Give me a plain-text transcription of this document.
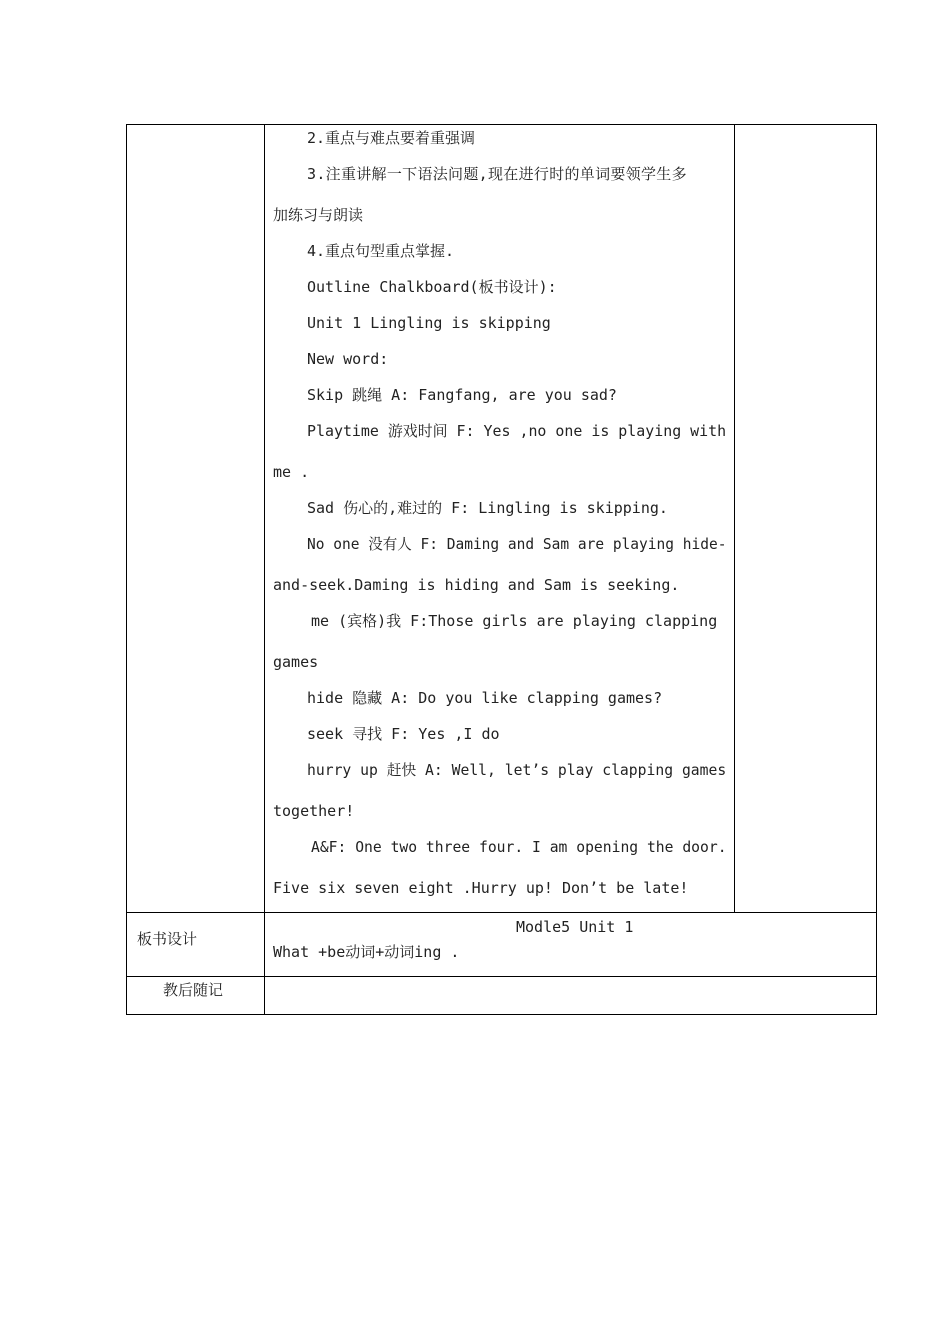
2.重点与难点要着重强调
3.注重讲解一下语法问题,现在进行时的单词要领学生多
加练习与朗读
4.重点句型重点掌握.
Outline Chalkboard(板书设计):
Unit 1 Lingling is skipping
New word:
Skip 跳绳 A: Fangfang, are you sad?
Playtime 游戏时间 F: Yes ,no one is playing with
me .
Sad 伤心的,难过的 F: Lingling is skipping.
No one 没有人 F: Daming and Sam are playing hide-
and-seek.Daming is hiding and Sam is seeking.
me (宾格)我 F:Those girls are playing clapping
games
hide 隐藏 A: Do you like clapping games?
seek 寻找 F: Yes ,I do
hurry up 赶快 A: Well, let’s play clapping games
together!
A&F: One two three four. I am opening the door.
Five six seven eight .Hurry up! Don’t be late!
板书设计
Modle5 Unit 1
What +be动词+动词ing .
教后随记
